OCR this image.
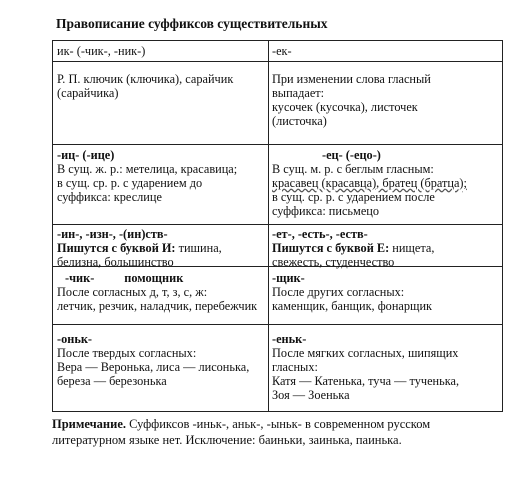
Правописание суффиксов существительных
ик- (-чик-, -ник-)	-ек-
Р. П. ключик (ключика), сарайчик
(сарайчика)
При изменении слова гласный
выпадает:
кусочек (кусочка), листочек
(листочка)
-иц- (-ице)
В сущ. ж. р.: метелица, красавица;
в сущ. ср. р. с ударением до
суффикса: креслице
-ец- (-ецо-)
В сущ. м. р. с беглым гласным:
красавец (красавца), братец (братца);
в сущ. ср. р. с ударением после
суффикса: письмецо
-ин-, -изн-, -(ин)ств-
Пишутся с буквой И: тишина,
белизна, большинство
-ет-, -есть-, -еств-
Пишутся с буквой Е: нищета,
свежесть, студенчество
-чик- помощник
После согласных д, т, з, с, ж:
летчик, резчик, наладчик, перебежчик
-щик-
После других согласных:
каменщик, банщик, фонарщик
-оньк-
После твердых согласных:
Вера — Вероньк​а, лиса — лисонька,
береза — березонька
-еньк-
После мягких согласных, шипящих
гласных:
Катя — Катенька, туча — тученька,
Зоя — Зоенька
Примечание. Суффиксов -иньк-, аньк-, -ыньк- в современном русском
литературном языке нет. Исключение: баиньки, заинька, паинька.
